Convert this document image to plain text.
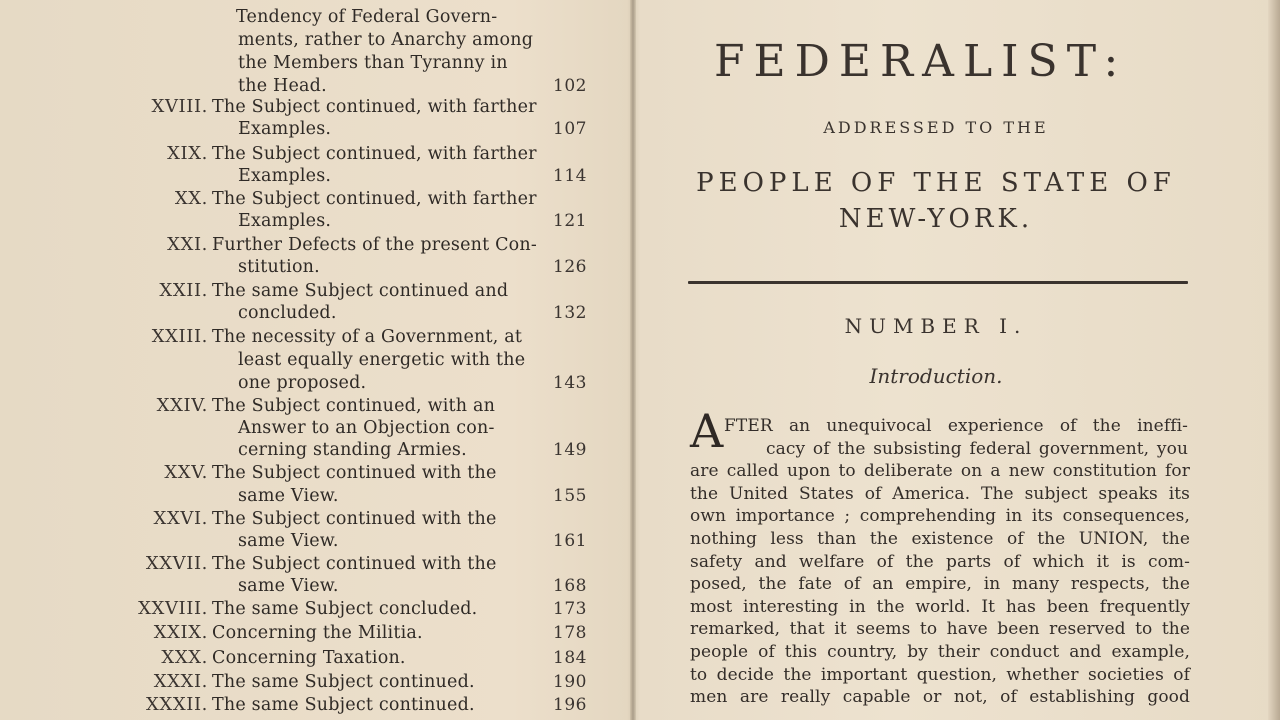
Tendency of Federal Govern-
ments, rather to Anarchy among
the Members than Tyranny in
the Head.	102
XVIII. The Subject continued, with farther
Examples.	107
XIX. The Subject continued, with farther
Examples.	114
XX. The Subject continued, with farther
Examples.	121
XXI. Further Defects of the present Con-
stitution.	126
XXII. The same Subject continued and
concluded.	132
XXIII. The necessity of a Government, at
least equally energetic with the
one proposed.	143
XXIV. The Subject continued, with an
Answer to an Objection con-
cerning standing Armies.	149
XXV. The Subject continued with the
same View.	155
XXVI. The Subject continued with the
same View.	161
XXVII. The Subject continued with the
same View.	168
XXVIII. The same Subject concluded.	173
XXIX. Concerning the Militia.	178
XXX. Concerning Taxation.	184
XXXI. The same Subject continued.	190
XXXII. The same Subject continued.	196
FEDERALIST:
ADDRESSED TO THE
PEOPLE OF THE STATE OF
NEW-YORK.
NUMBER I.
Introduction.
A FTER an unequivocal experience of the ineffi-
cacy of the subsisting federal government, you
are called upon to deliberate on a new constitution for
the United States of America. The subject speaks its
own importance ; comprehending in its consequences,
nothing less than the existence of the UNION, the
safety and welfare of the parts of which it is com-
posed, the fate of an empire, in many respects, the
most interesting in the world. It has been frequently
remarked, that it seems to have been reserved to the
people of this country, by their conduct and example,
to decide the important question, whether societies of
men are really capable or not, of establishing good
